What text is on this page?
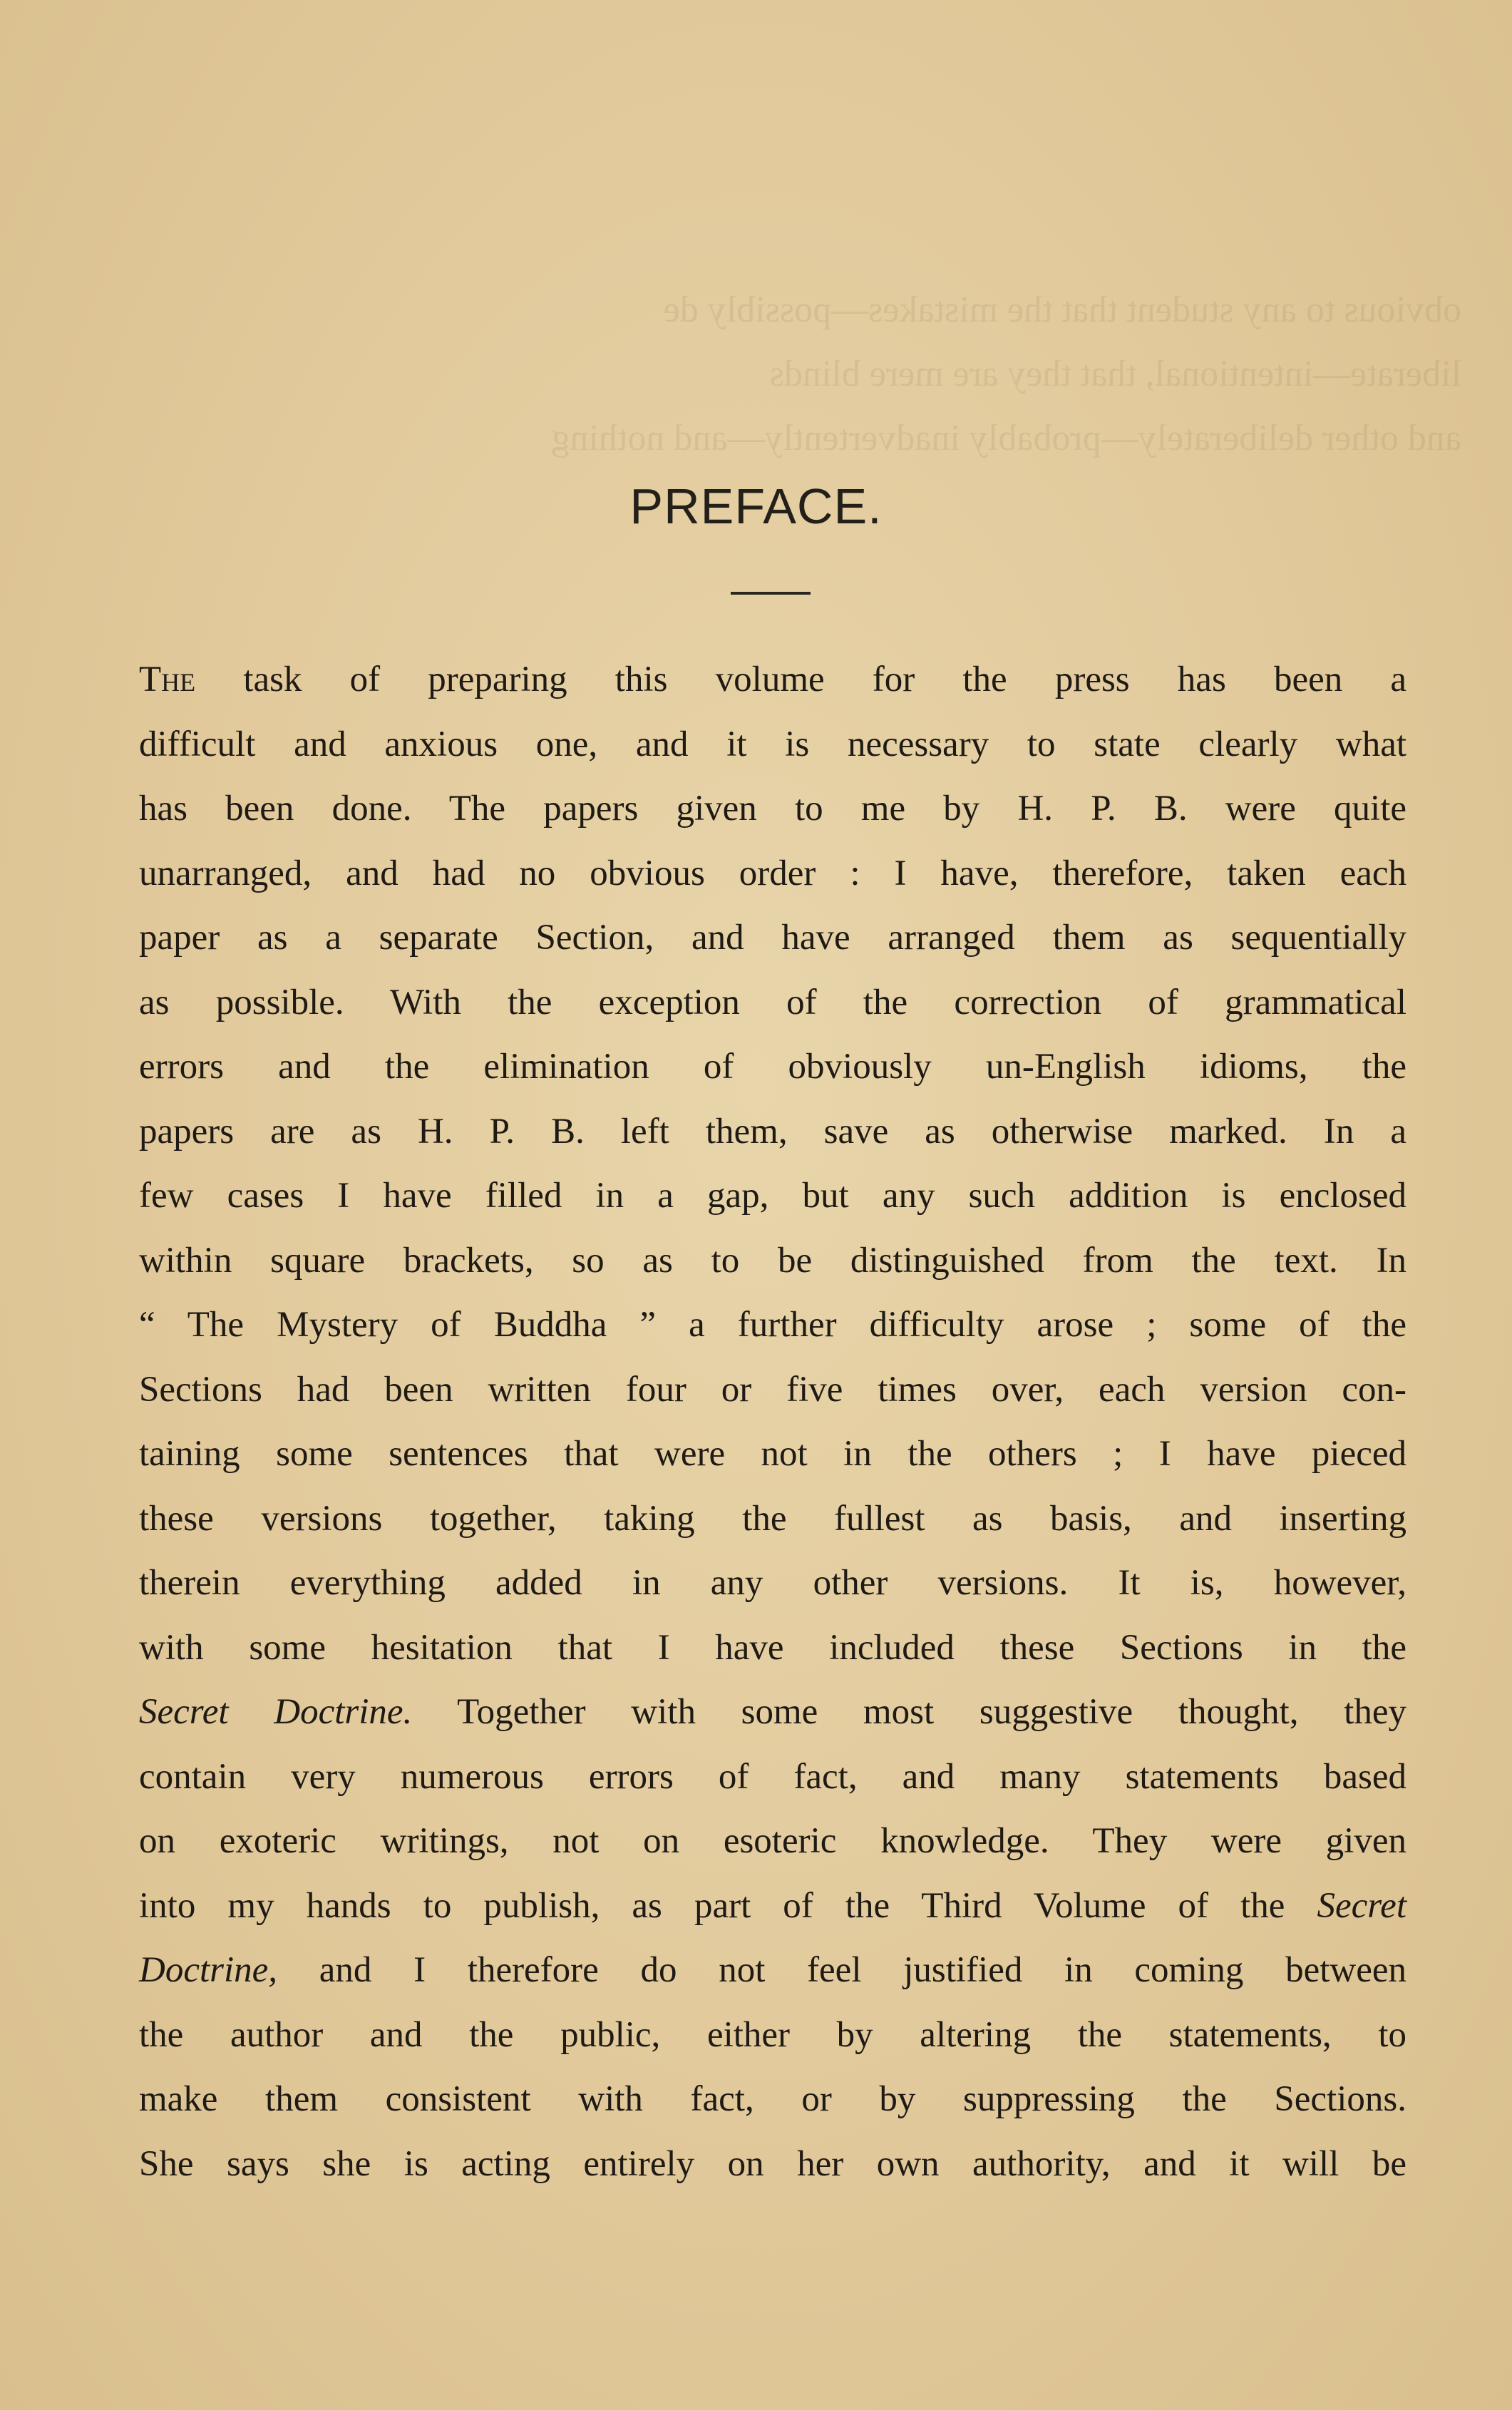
obvious to any student that the mistakes—possibly de
liberate—intentional, that they are mere blinds
and other deliberately—probably inadvertently—and nothing
PREFACE.
The task of preparing this volume for the press has been a
difficult and anxious one, and it is necessary to state clearly what
has been done. The papers given to me by H. P. B. were quite
unarranged, and had no obvious order : I have, therefore, taken each
paper as a separate Section, and have arranged them as sequentially
as possible. With the exception of the correction of grammatical
errors and the elimination of obviously un-English idioms, the
papers are as H. P. B. left them, save as otherwise marked. In a
few cases I have filled in a gap, but any such addition is enclosed
within square brackets, so as to be distinguished from the text. In
“ The Mystery of Buddha ” a further difficulty arose ; some of the
Sections had been written four or five times over, each version con-
taining some sentences that were not in the others ; I have pieced
these versions together, taking the fullest as basis, and inserting
therein everything added in any other versions. It is, however,
with some hesitation that I have included these Sections in the
Secret Doctrine. Together with some most suggestive thought, they
contain very numerous errors of fact, and many statements based
on exoteric writings, not on esoteric knowledge. They were given
into my hands to publish, as part of the Third Volume of the Secret
Doctrine, and I therefore do not feel justified in coming between
the author and the public, either by altering the statements, to
make them consistent with fact, or by suppressing the Sections.
She says she is acting entirely on her own authority, and it will be
